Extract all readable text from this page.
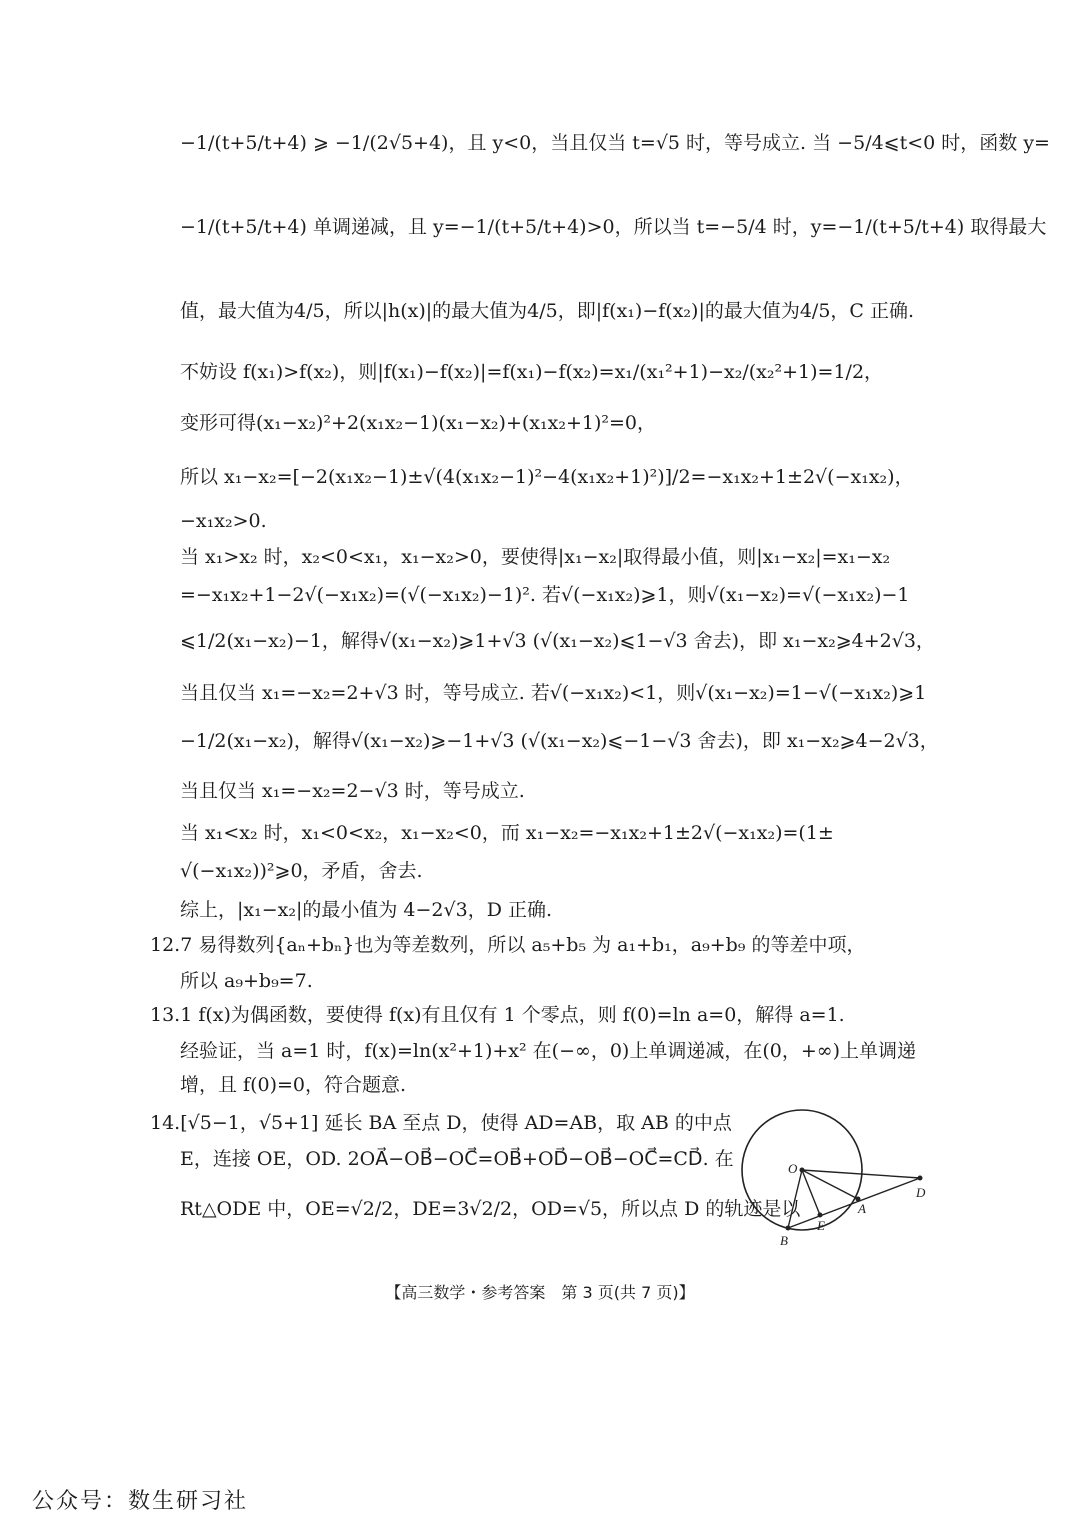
−1/(t+5/t+4) ⩾ −1/(2√5+4)，且 y<0，当且仅当 t=√5 时，等号成立. 当 −5/4⩽t<0 时，函数 y=
−1/(t+5/t+4) 单调递减，且 y=−1/(t+5/t+4)>0，所以当 t=−5/4 时，y=−1/(t+5/t+4) 取得最大
值，最大值为4/5，所以|h(x)|的最大值为4/5，即|f(x₁)−f(x₂)|的最大值为4/5，C 正确.
不妨设 f(x₁)>f(x₂)，则|f(x₁)−f(x₂)|=f(x₁)−f(x₂)=x₁/(x₁²+1)−x₂/(x₂²+1)=1/2，
变形可得(x₁−x₂)²+2(x₁x₂−1)(x₁−x₂)+(x₁x₂+1)²=0，
所以 x₁−x₂=[−2(x₁x₂−1)±√(4(x₁x₂−1)²−4(x₁x₂+1)²)]/2=−x₁x₂+1±2√(−x₁x₂)，
−x₁x₂>0.
当 x₁>x₂ 时，x₂<0<x₁，x₁−x₂>0，要使得|x₁−x₂|取得最小值，则|x₁−x₂|=x₁−x₂
=−x₁x₂+1−2√(−x₁x₂)=(√(−x₁x₂)−1)². 若√(−x₁x₂)⩾1，则√(x₁−x₂)=√(−x₁x₂)−1
⩽1/2(x₁−x₂)−1，解得√(x₁−x₂)⩾1+√3 (√(x₁−x₂)⩽1−√3 舍去)，即 x₁−x₂⩾4+2√3，
当且仅当 x₁=−x₂=2+√3 时，等号成立. 若√(−x₁x₂)<1，则√(x₁−x₂)=1−√(−x₁x₂)⩾1
−1/2(x₁−x₂)，解得√(x₁−x₂)⩾−1+√3 (√(x₁−x₂)⩽−1−√3 舍去)，即 x₁−x₂⩾4−2√3，
当且仅当 x₁=−x₂=2−√3 时，等号成立.
当 x₁<x₂ 时，x₁<0<x₂，x₁−x₂<0，而 x₁−x₂=−x₁x₂+1±2√(−x₁x₂)=(1±
√(−x₁x₂))²⩾0，矛盾，舍去.
综上，|x₁−x₂|的最小值为 4−2√3，D 正确.
12.7 易得数列{aₙ+bₙ}也为等差数列，所以 a₅+b₅ 为 a₁+b₁，a₉+b₉ 的等差中项，
所以 a₉+b₉=7.
13.1 f(x)为偶函数，要使得 f(x)有且仅有 1 个零点，则 f(0)=ln a=0，解得 a=1.
经验证，当 a=1 时，f(x)=ln(x²+1)+x² 在(−∞，0)上单调递减，在(0，+∞)上单调递
增，且 f(0)=0，符合题意.
14.[√5−1，√5+1] 延长 BA 至点 D，使得 AD=AB，取 AB 的中点
E，连接 OE，OD. 2OA⃗−OB⃗−OC⃗=OB⃗+OD⃗−OB⃗−OC⃗=CD⃗. 在
Rt△ODE 中，OE=√2/2，DE=3√2/2，OD=√5，所以点 D 的轨迹是以
O
D
A
E
B
【高三数学・参考答案　第 3 页(共 7 页)】
公众号：数生研习社
